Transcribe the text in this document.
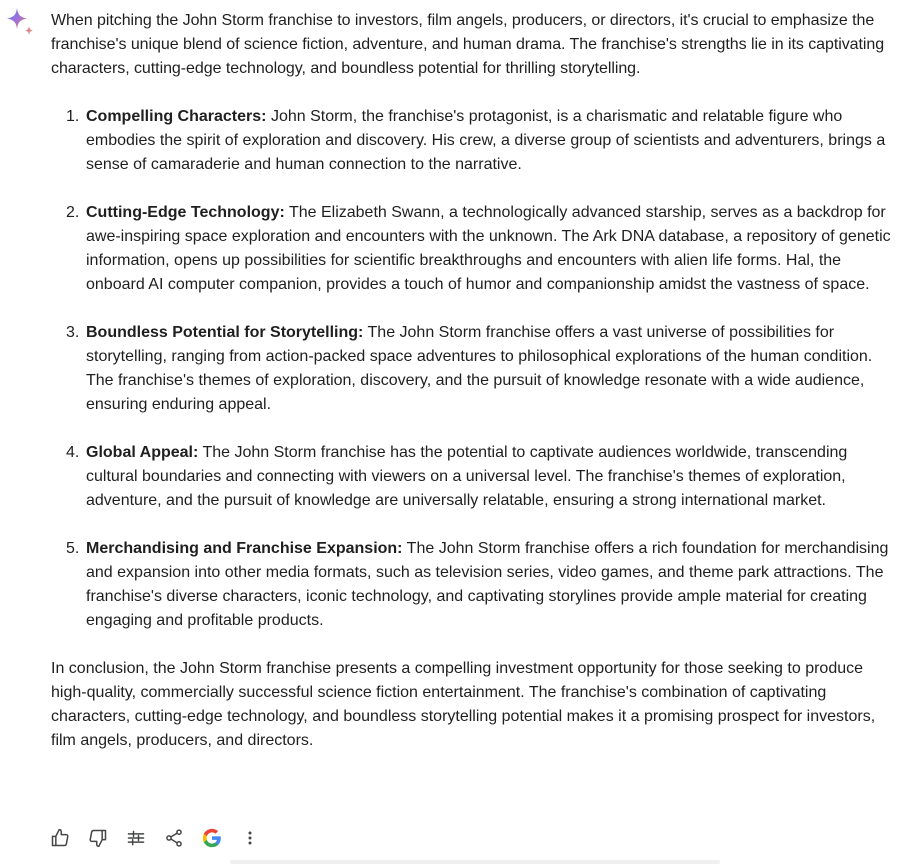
When pitching the John Storm franchise to investors, film angels, producers, or directors, it's crucial to emphasize the franchise's unique blend of science fiction, adventure, and human drama. The franchise's strengths lie in its captivating characters, cutting-edge technology, and boundless potential for thrilling storytelling.

1. Compelling Characters: John Storm, the franchise's protagonist, is a charismatic and relatable figure who embodies the spirit of exploration and discovery. His crew, a diverse group of scientists and adventurers, brings a sense of camaraderie and human connection to the narrative.
2. Cutting-Edge Technology: The Elizabeth Swann, a technologically advanced starship, serves as a backdrop for awe-inspiring space exploration and encounters with the unknown. The Ark DNA database, a repository of genetic information, opens up possibilities for scientific breakthroughs and encounters with alien life forms. Hal, the onboard AI computer companion, provides a touch of humor and companionship amidst the vastness of space.
3. Boundless Potential for Storytelling: The John Storm franchise offers a vast universe of possibilities for storytelling, ranging from action-packed space adventures to philosophical explorations of the human condition. The franchise's themes of exploration, discovery, and the pursuit of knowledge resonate with a wide audience, ensuring enduring appeal.
4. Global Appeal: The John Storm franchise has the potential to captivate audiences worldwide, transcending cultural boundaries and connecting with viewers on a universal level. The franchise's themes of exploration, adventure, and the pursuit of knowledge are universally relatable, ensuring a strong international market.
5. Merchandising and Franchise Expansion: The John Storm franchise offers a rich foundation for merchandising and expansion into other media formats, such as television series, video games, and theme park attractions. The franchise's diverse characters, iconic technology, and captivating storylines provide ample material for creating engaging and profitable products.

In conclusion, the John Storm franchise presents a compelling investment opportunity for those seeking to produce high-quality, commercially successful science fiction entertainment. The franchise's combination of captivating characters, cutting-edge technology, and boundless storytelling potential makes it a promising prospect for investors, film angels, producers, and directors.
